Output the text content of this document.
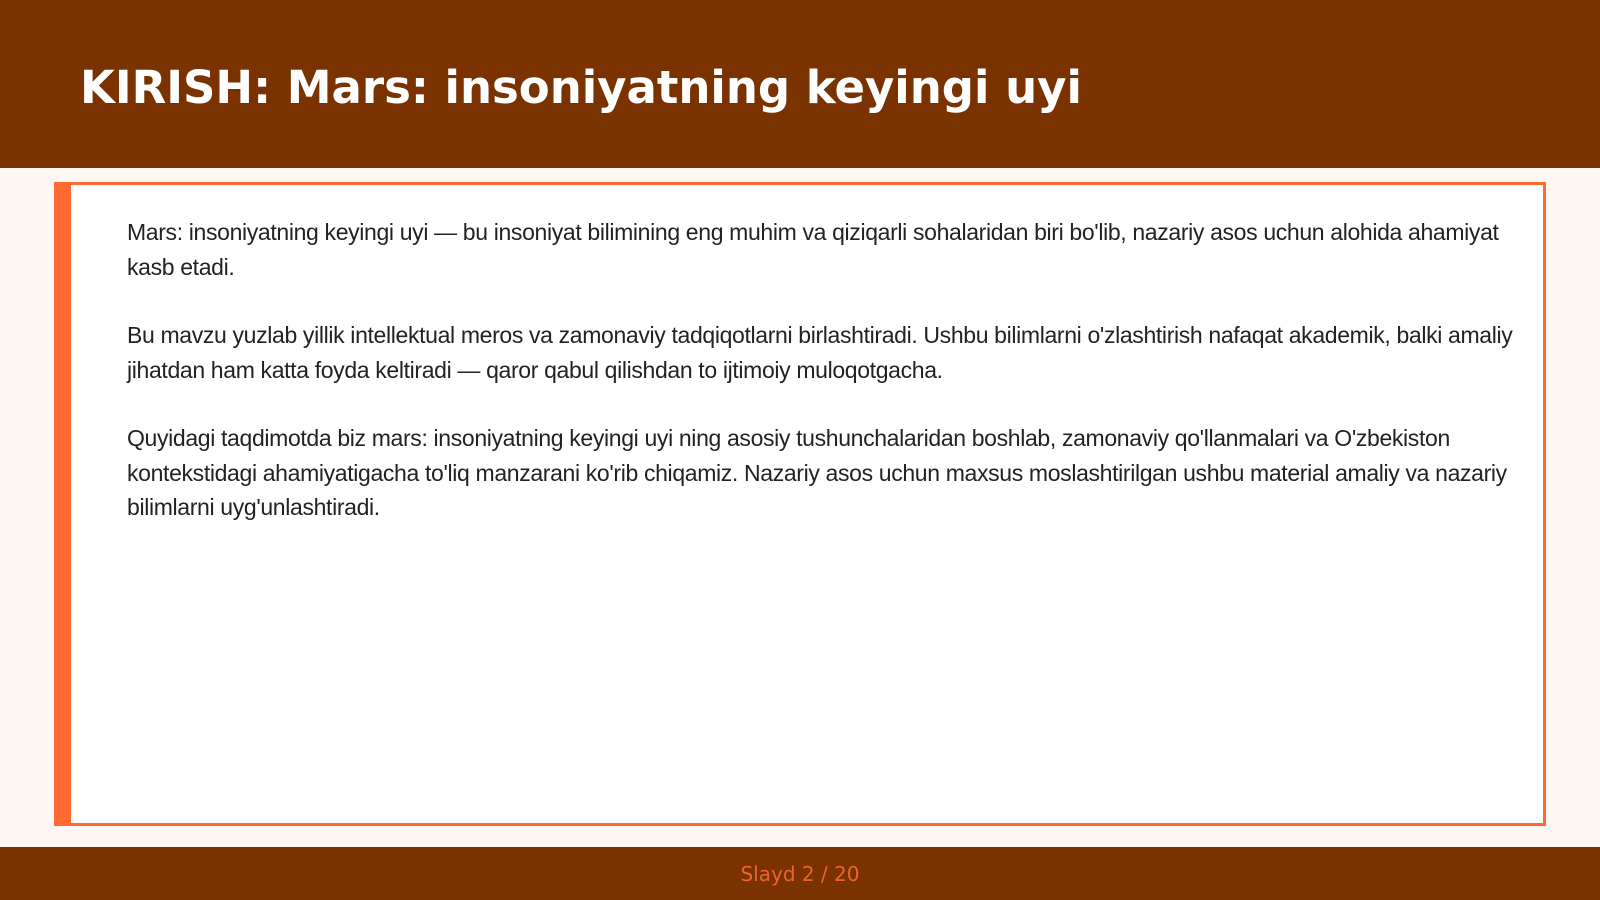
KIRISH: Mars: insoniyatning keyingi uyi

Mars: insoniyatning keyingi uyi — bu insoniyat bilimining eng muhim va qiziqarli sohalaridan biri bo'lib, nazariy asos uchun alohida ahamiyat kasb etadi.

Bu mavzu yuzlab yillik intellektual meros va zamonaviy tadqiqotlarni birlashtiradi. Ushbu bilimlarni o'zlashtirish nafaqat akademik, balki amaliy jihatdan ham katta foyda keltiradi — qaror qabul qilishdan to ijtimoiy muloqotgacha.

Quyidagi taqdimotda biz mars: insoniyatning keyingi uyi ning asosiy tushunchalaridan boshlab, zamonaviy qo'llanmalari va O'zbekiston kontekstidagi ahamiyatigacha to'liq manzarani ko'rib chiqamiz. Nazariy asos uchun maxsus moslashtirilgan ushbu material amaliy va nazariy bilimlarni uyg'unlashtiradi.

Slayd 2 / 20
